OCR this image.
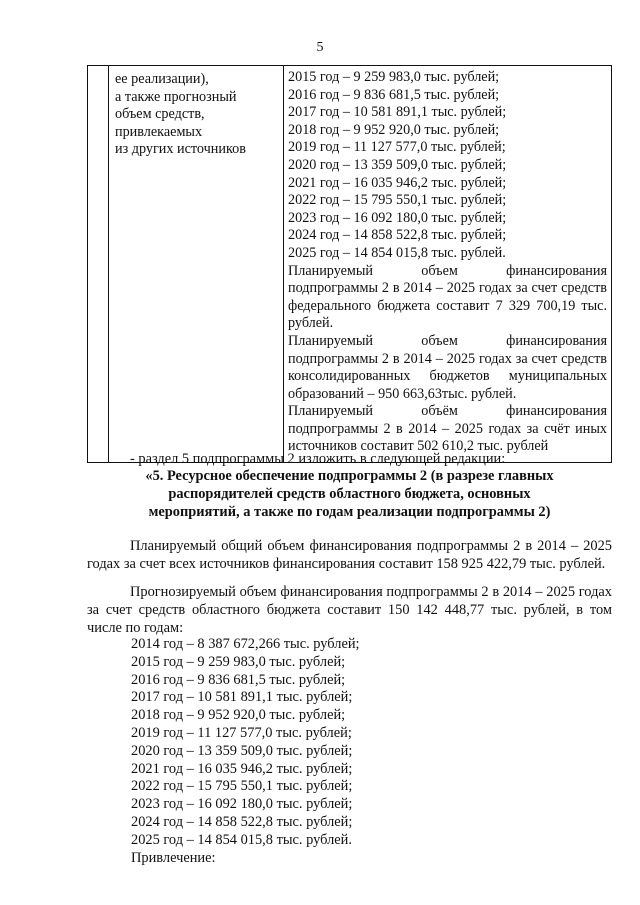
5

ее реализации),
а также прогнозный
объем средств,
привлекаемых
из других источников

2015 год – 9 259 983,0 тыс. рублей;
2016 год – 9 836 681,5 тыс. рублей;
2017 год – 10 581 891,1 тыс. рублей;
2018 год – 9 952 920,0 тыс. рублей;
2019 год – 11 127 577,0 тыс. рублей;
2020 год – 13 359 509,0 тыс. рублей;
2021 год – 16 035 946,2 тыс. рублей;
2022 год – 15 795 550,1 тыс. рублей;
2023 год – 16 092 180,0 тыс. рублей;
2024 год – 14 858 522,8 тыс. рублей;
2025 год – 14 854 015,8 тыс. рублей.
Планируемый объем финансирования подпрограммы 2 в 2014 – 2025 годах за счет средств федерального бюджета составит 7 329 700,19 тыс. рублей.
Планируемый объем финансирования подпрограммы 2 в 2014 – 2025 годах за счет средств консолидированных бюджетов муниципальных образований – 950 663,63тыс. рублей.
Планируемый объём финансирования подпрограммы 2 в 2014 – 2025 годах за счёт иных источников составит 502 610,2 тыс. рублей
- раздел 5 подпрограммы 2 изложить в следующей редакции:
«5. Ресурсное обеспечение подпрограммы 2 (в разрезе главных
распорядителей средств областного бюджета, основных
мероприятий, а также по годам реализации подпрограммы 2)

Планируемый общий объем финансирования подпрограммы 2 в 2014 – 2025 годах за счет всех источников финансирования составит 158 925 422,79 тыс. рублей.

Прогнозируемый объем финансирования подпрограммы 2 в 2014 – 2025 годах за счет средств областного бюджета составит 150 142 448,77 тыс. рублей, в том числе по годам:

2014 год – 8 387 672,266 тыс. рублей;
2015 год – 9 259 983,0 тыс. рублей;
2016 год – 9 836 681,5 тыс. рублей;
2017 год – 10 581 891,1 тыс. рублей;
2018 год – 9 952 920,0 тыс. рублей;
2019 год – 11 127 577,0 тыс. рублей;
2020 год – 13 359 509,0 тыс. рублей;
2021 год – 16 035 946,2 тыс. рублей;
2022 год – 15 795 550,1 тыс. рублей;
2023 год – 16 092 180,0 тыс. рублей;
2024 год – 14 858 522,8 тыс. рублей;
2025 год – 14 854 015,8 тыс. рублей.
Привлечение:
